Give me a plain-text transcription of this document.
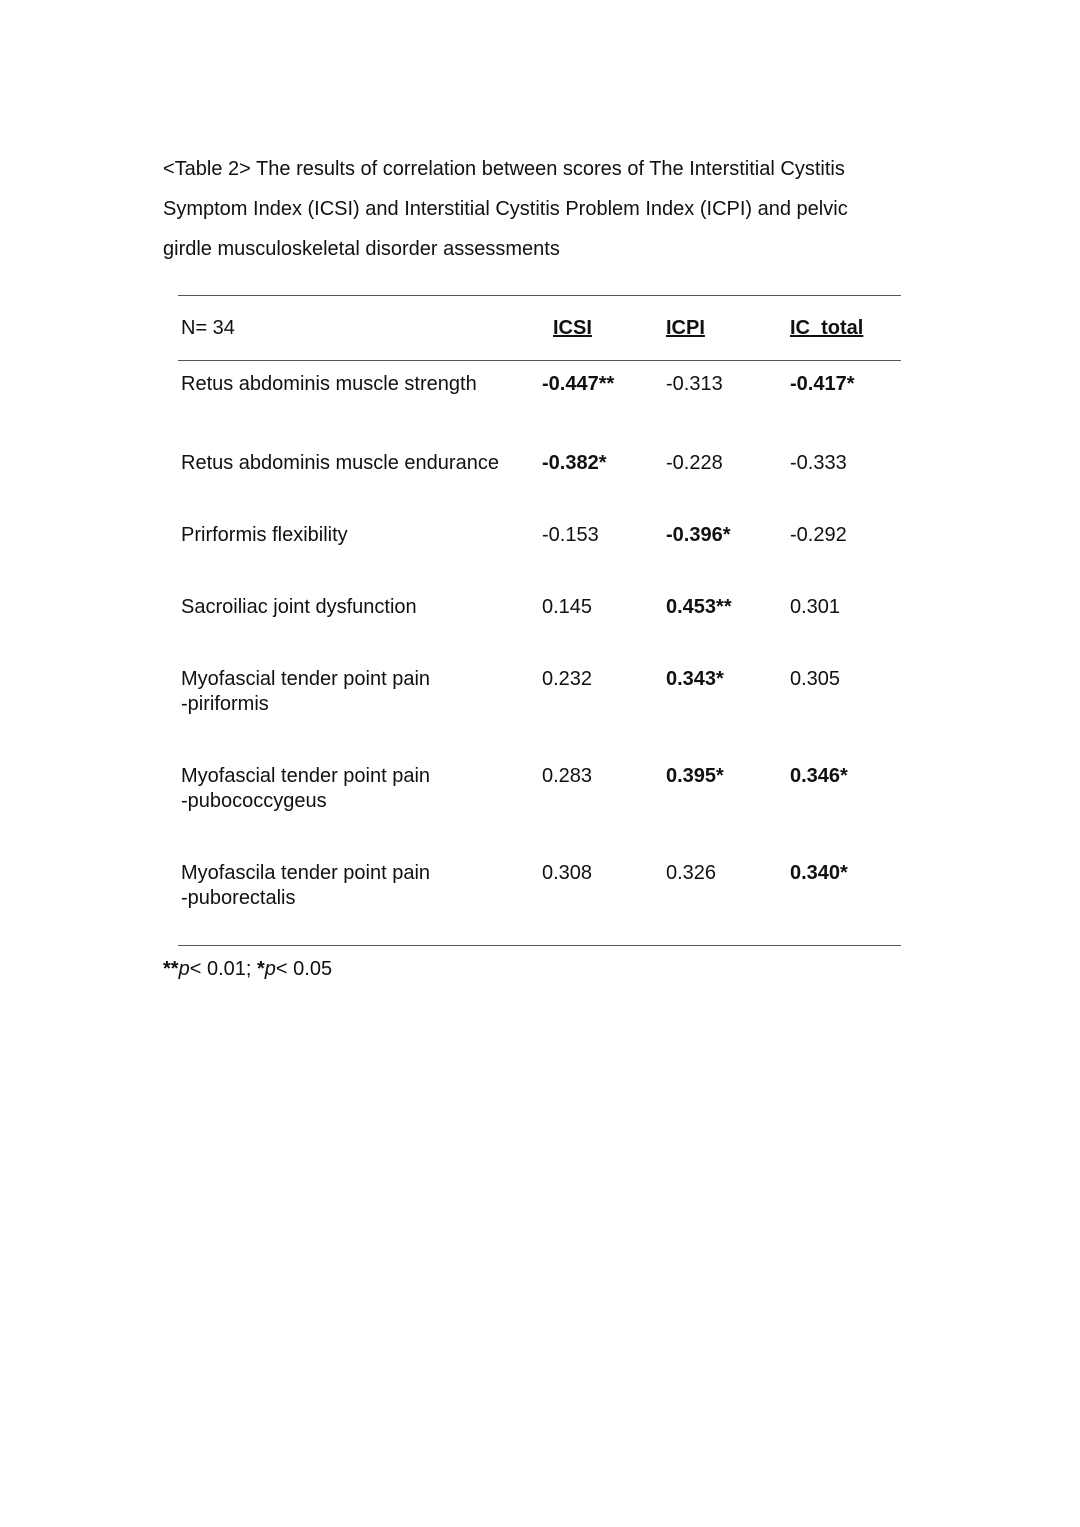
<Table 2> The results of correlation between scores of The Interstitial Cystitis
Symptom Index (ICSI) and Interstitial Cystitis Problem Index (ICPI) and pelvic
girdle musculoskeletal disorder assessments
N= 34	ICSI	ICPI	IC_total
Retus abdominis muscle strength	-0.447**	-0.313	-0.417*
Retus abdominis muscle endurance -0.382*	-0.228	-0.333
Prirformis flexibility	-0.153	-0.396*	-0.292
Sacroiliac joint dysfunction	0.145	0.453**	0.301
Myofascial tender point pain
-piriformis
0.232	0.343*	0.305
Myofascial tender point pain
-pubococcygeus
0.283	0.395*	0.346*
Myofascila tender point pain
-puborectalis
0.308	0.326	0.340*
**p< 0.01; *p< 0.05
